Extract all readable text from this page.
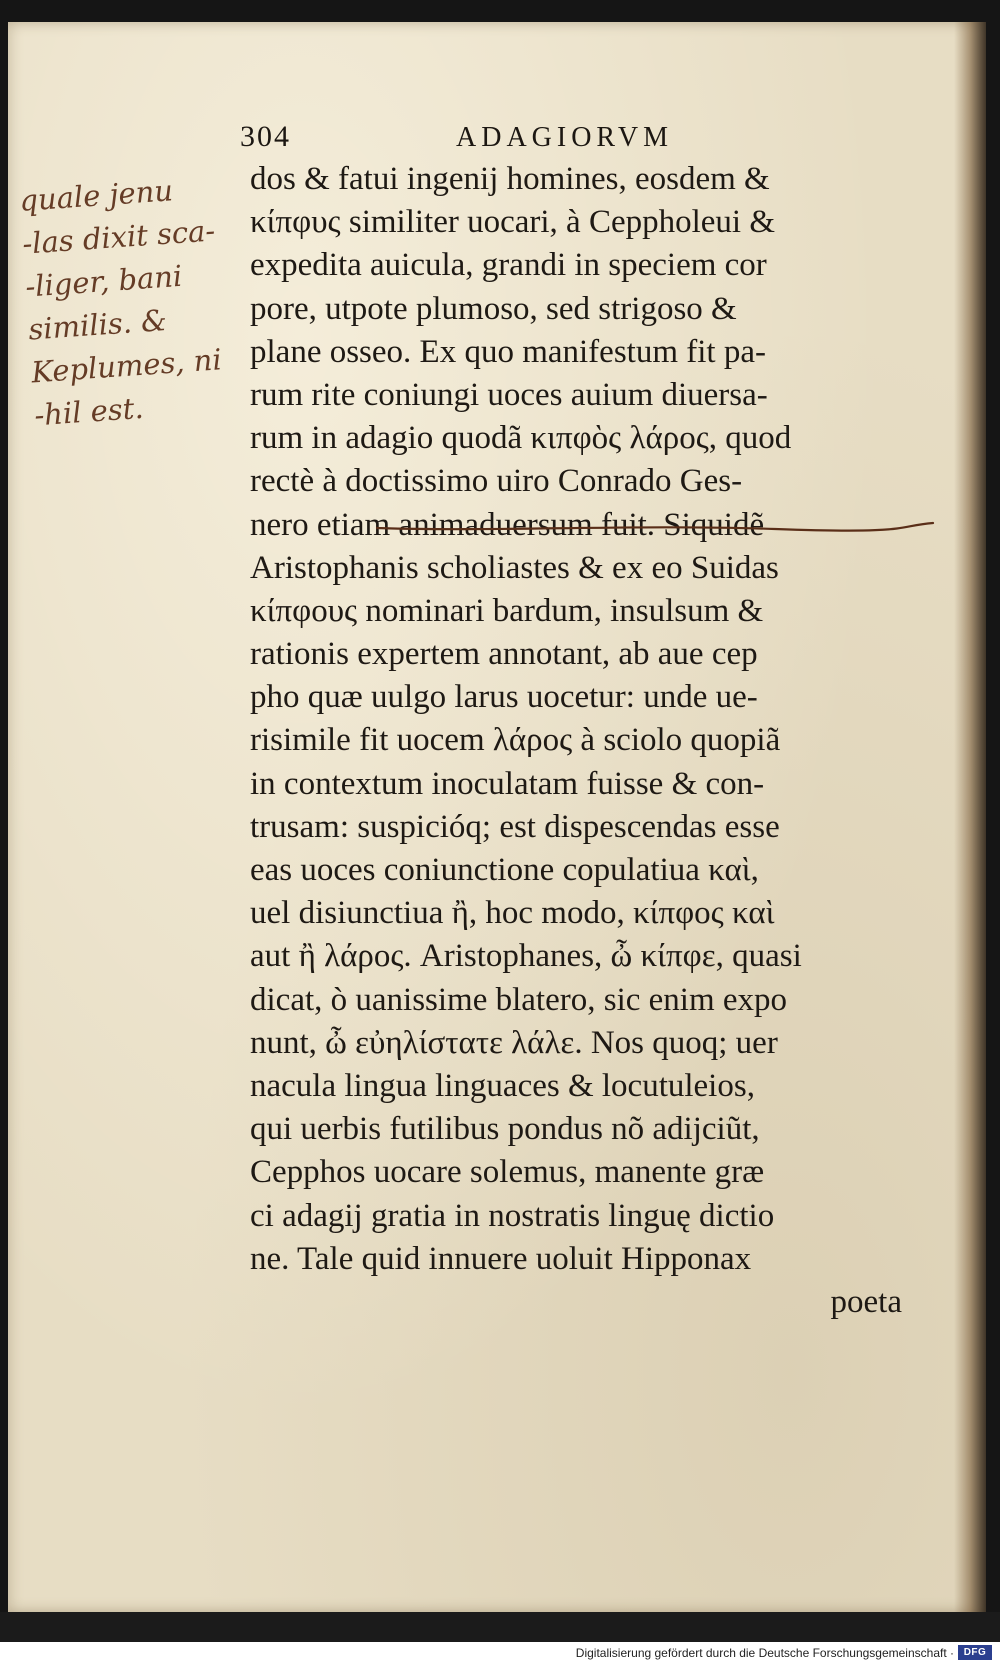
304	ADAGIORVM
quale jenu
-las dixit sca-
-liger, bani
similis. &
Keplumes, ni
-hil est.
dos & fatui ingenij homines, eosdem &
κίπφυς similiter uocari, à Ceppholeui &
expedita auicula, grandi in speciem cor
pore, utpote plumoso, sed strigoso &
plane osseo. Ex quo manifestum fit pa-
rum rite coniungi uoces auium diuersa-
rum in adagio quodã κιπφὸς λάρος, quod
rectè à doctissimo uiro Conrado Ges-
nero etiam animaduersum fuit. Siquidẽ
Aristophanis scholiastes & ex eo Suidas
κίπφους nominari bardum, insulsum &
rationis expertem annotant, ab aue cep
pho quæ uulgo larus uocetur: unde ue-
risimile fit uocem λάρος à sciolo quopiã
in contextum inoculatam fuisse & con-
trusam: suspicióq; est dispescendas esse
eas uoces coniunctione copulatiua καὶ,
uel disiunctiua ἢ, hoc modo, κίπφος καὶ
aut ἢ λάρος. Aristophanes, ὦ κίπφε, quasi
dicat, ò uanissime blatero, sic enim expo
nunt, ὦ εὐηλίστατε λάλε. Nos quoq; uer
nacula lingua linguaces & locutuleios,
qui uerbis futilibus pondus nõ adijciũt,
Cepphos uocare solemus, manente græ
ci adagij gratia in nostratis linguę dictio
ne. Tale quid innuere uoluit Hipponax
poeta
Digitalisierung gefördert durch die Deutsche Forschungsgemeinschaft · DFG
